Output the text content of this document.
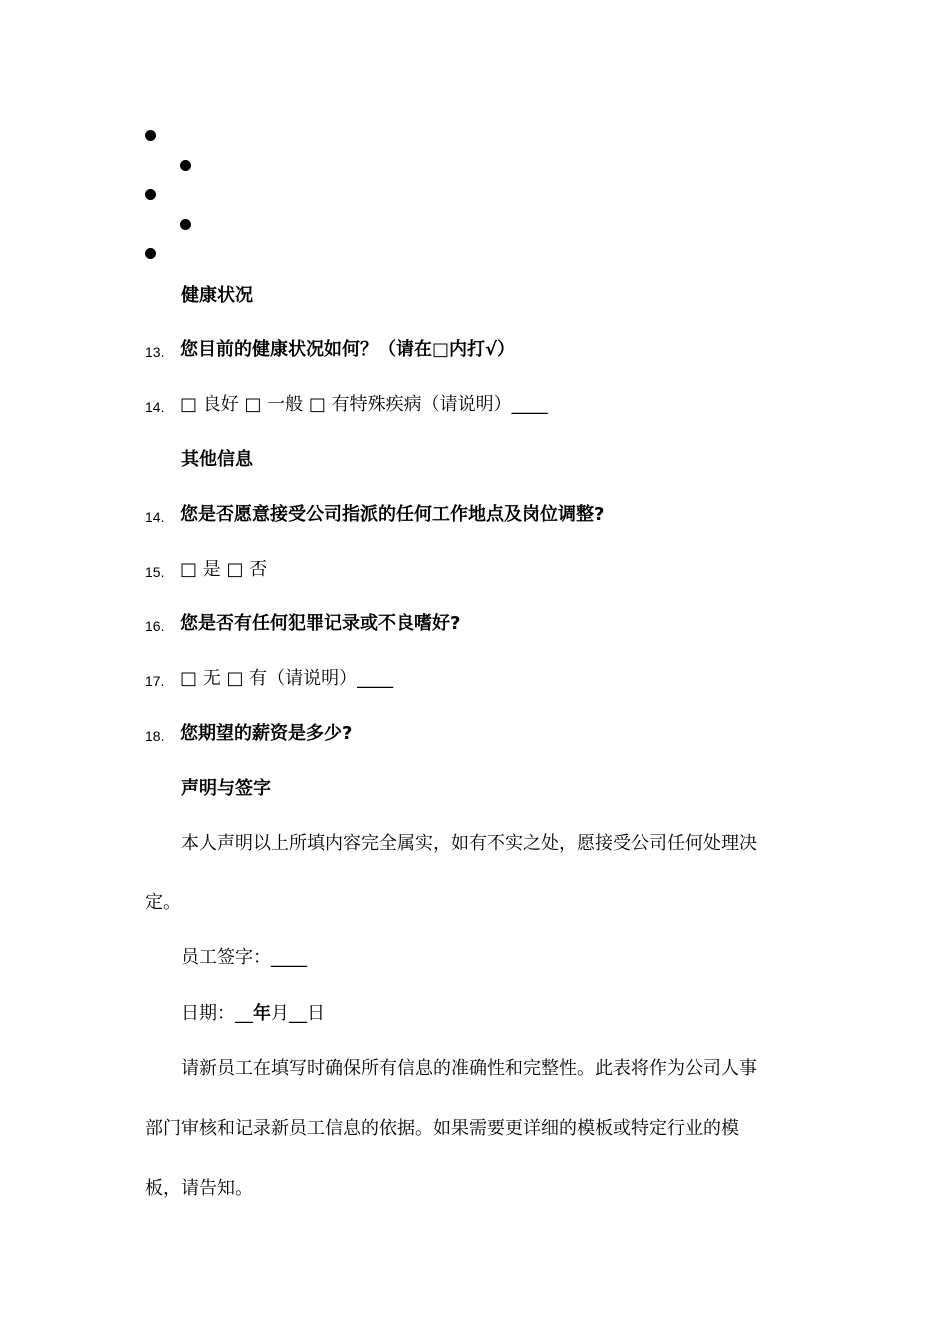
健康状况
13. 您目前的健康状况如何？（请在□内打√）
14. □ 良好 □ 一般 □ 有特殊疾病（请说明）____
其他信息
14. 您是否愿意接受公司指派的任何工作地点及岗位调整?
15. □ 是 □ 否
16. 您是否有任何犯罪记录或不良嗜好?
17. □ 无 □ 有（请说明）____
18. 您期望的薪资是多少?
声明与签字
本人声明以上所填内容完全属实，如有不实之处，愿接受公司任何处理决
定。
员工签字：____
日期：__年月__日
请新员工在填写时确保所有信息的准确性和完整性。此表将作为公司人事
部门审核和记录新员工信息的依据。如果需要更详细的模板或特定行业的模
板，请告知。
